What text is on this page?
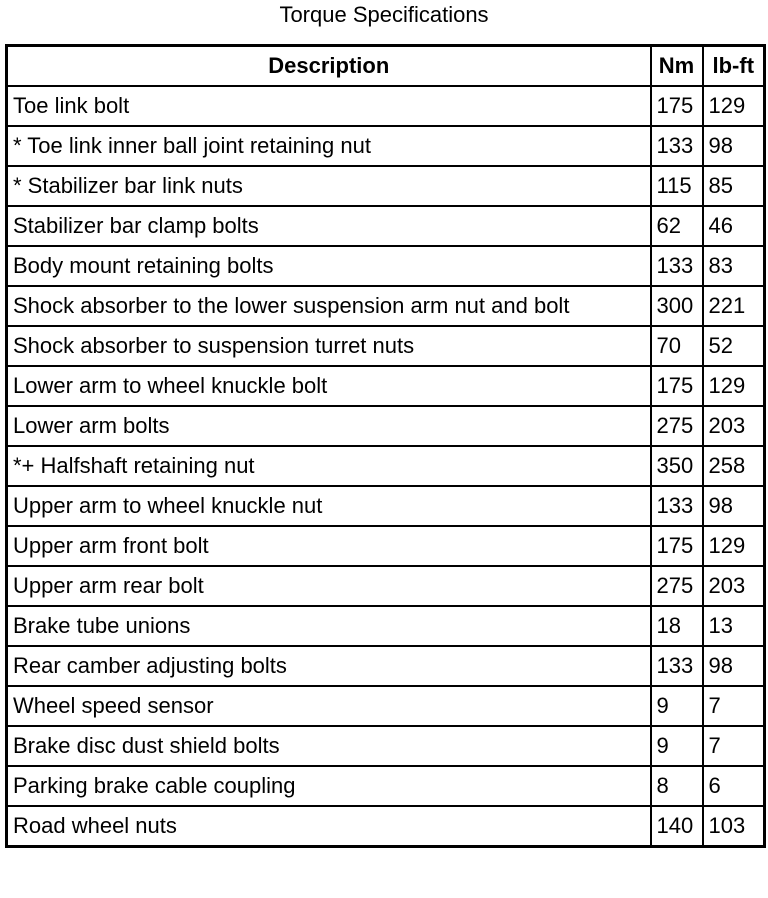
Torque Specifications
Description	Nm	lb-ft
Toe link bolt	175	129
* Toe link inner ball joint retaining nut	133	98
* Stabilizer bar link nuts	115	85
Stabilizer bar clamp bolts	62	46
Body mount retaining bolts	133	83
Shock absorber to the lower suspension arm nut and bolt	300	221
Shock absorber to suspension turret nuts	70	52
Lower arm to wheel knuckle bolt	175	129
Lower arm bolts	275	203
*+ Halfshaft retaining nut	350	258
Upper arm to wheel knuckle nut	133	98
Upper arm front bolt	175	129
Upper arm rear bolt	275	203
Brake tube unions	18	13
Rear camber adjusting bolts	133	98
Wheel speed sensor	9	7
Brake disc dust shield bolts	9	7
Parking brake cable coupling	8	6
Road wheel nuts	140	103
